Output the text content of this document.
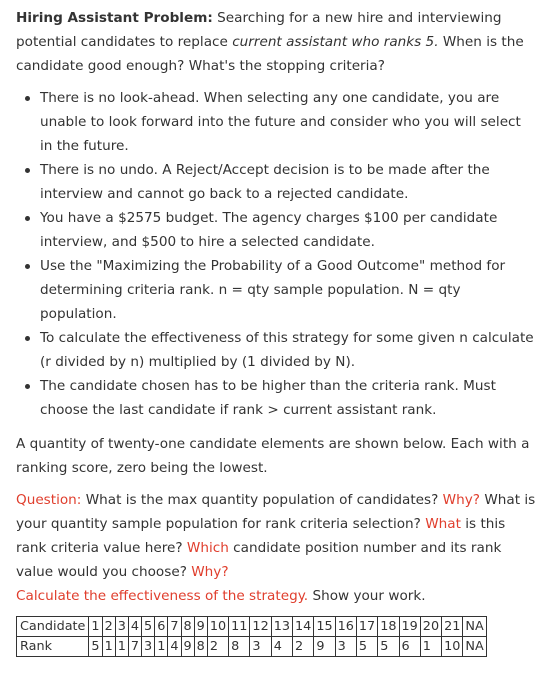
Hiring Assistant Problem: Searching for a new hire and interviewing potential candidates to replace current assistant who ranks 5. When is the candidate good enough? What's the stopping criteria?

There is no look-ahead. When selecting any one candidate, you are unable to look forward into the future and consider who you will select in the future.
There is no undo. A Reject/Accept decision is to be made after the interview and cannot go back to a rejected candidate.
You have a $2575 budget. The agency charges $100 per candidate interview, and $500 to hire a selected candidate.
Use the "Maximizing the Probability of a Good Outcome" method for determining criteria rank. n = qty sample population. N = qty population.
To calculate the effectiveness of this strategy for some given n calculate (r divided by n) multiplied by (1 divided by N).
The candidate chosen has to be higher than the criteria rank. Must choose the last candidate if rank > current assistant rank.

A quantity of twenty-one candidate elements are shown below. Each with a ranking score, zero being the lowest.

Question: What is the max quantity population of candidates? Why? What is your quantity sample population for rank criteria selection? What is this rank criteria value here? Which candidate position number and its rank value would you choose? Why?
Calculate the effectiveness of the strategy. Show your work.

Candidate	1	2	3	4	5	6	7	8	9	10	11	12	13	14	15	16	17	18	19	20	21	NA
Rank	5	1	1	7	3	1	4	9	8	2	8	3	4	2	9	3	5	5	6	1	10	NA
